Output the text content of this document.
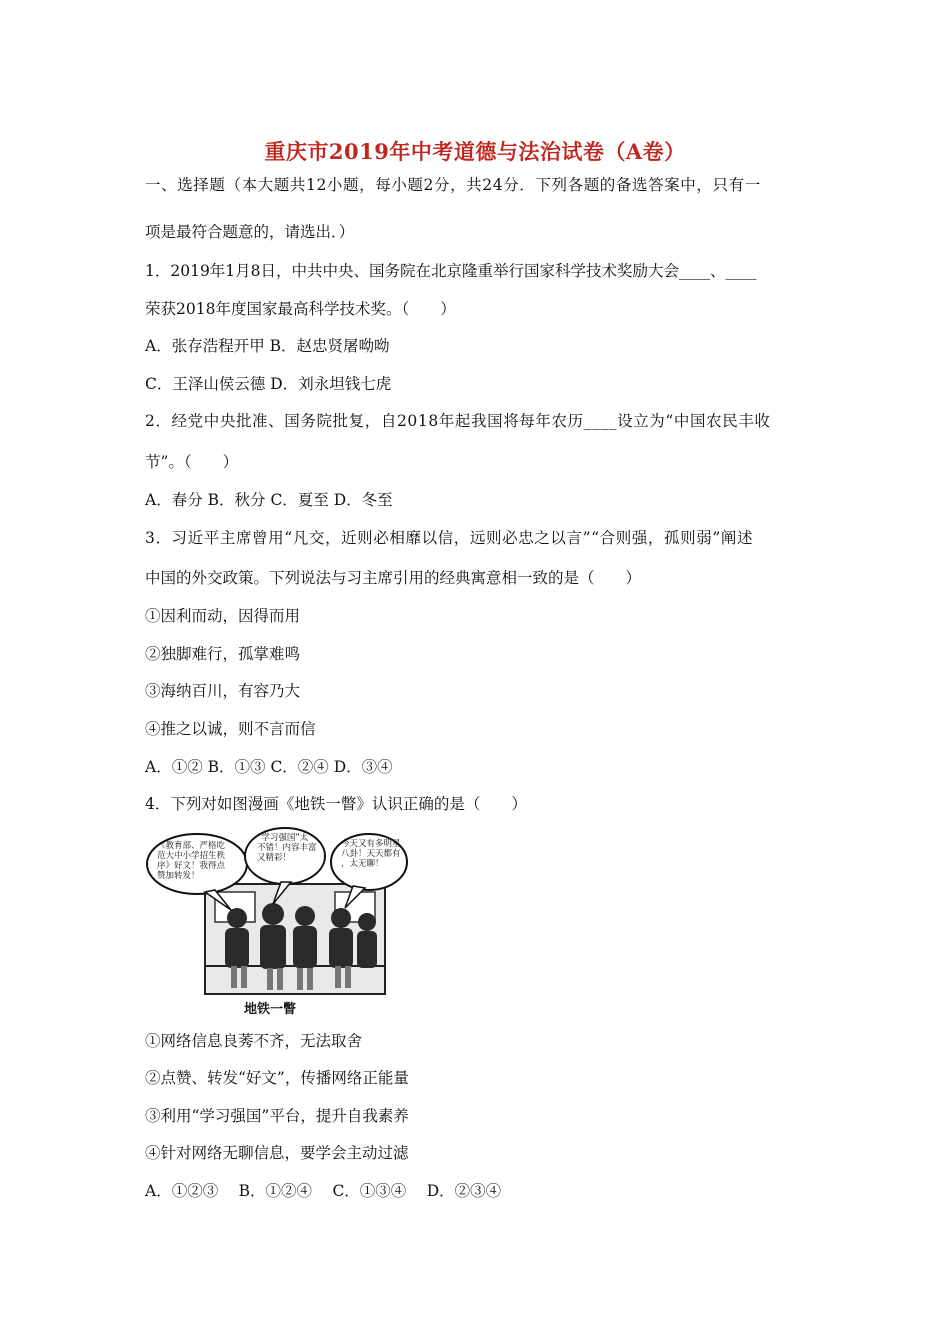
重庆市2019年中考道德与法治试卷（A卷）
一、选择题（本大题共12小题，每小题2分，共24分．下列各题的备选答案中，只有一
项是最符合题意的，请选出．）
1．2019年1月8日，中共中央、国务院在北京隆重举行国家科学技术奖励大会____、____
荣获2018年度国家最高科学技术奖。（　　）
A．张存浩程开甲 B．赵忠贤屠呦呦
C．王泽山侯云德 D．刘永坦钱七虎
2．经党中央批准、国务院批复，自2018年起我国将每年农历____设立为“中国农民丰收
节”。（　　）
A．春分 B．秋分 C．夏至 D．冬至
3．习近平主席曾用“凡交，近则必相靡以信，远则必忠之以言”“合则强，孤则弱”阐述
中国的外交政策。下列说法与习主席引用的经典寓意相一致的是（　　）
①因利而动，因得而用
②独脚难行，孤掌难鸣
③海纳百川，有容乃大
④推之以诚，则不言而信
A．①② B．①③ C．②④ D．③④
4．下列对如图漫画《地铁一瞥》认识正确的是（　　）
《教育部、严格吃范大中小学招生秩序》好文！我得点赞加转发！
“学习强国”太不错！内容丰富又精彩！
今天又有多明星八卦！天天都有，太无聊！
地铁一瞥
①网络信息良莠不齐，无法取舍
②点赞、转发“好文”，传播网络正能量
③利用“学习强国”平台，提升自我素养
④针对网络无聊信息，要学会主动过滤
A．①②③　 B．①②④　 C．①③④　 D．②③④
